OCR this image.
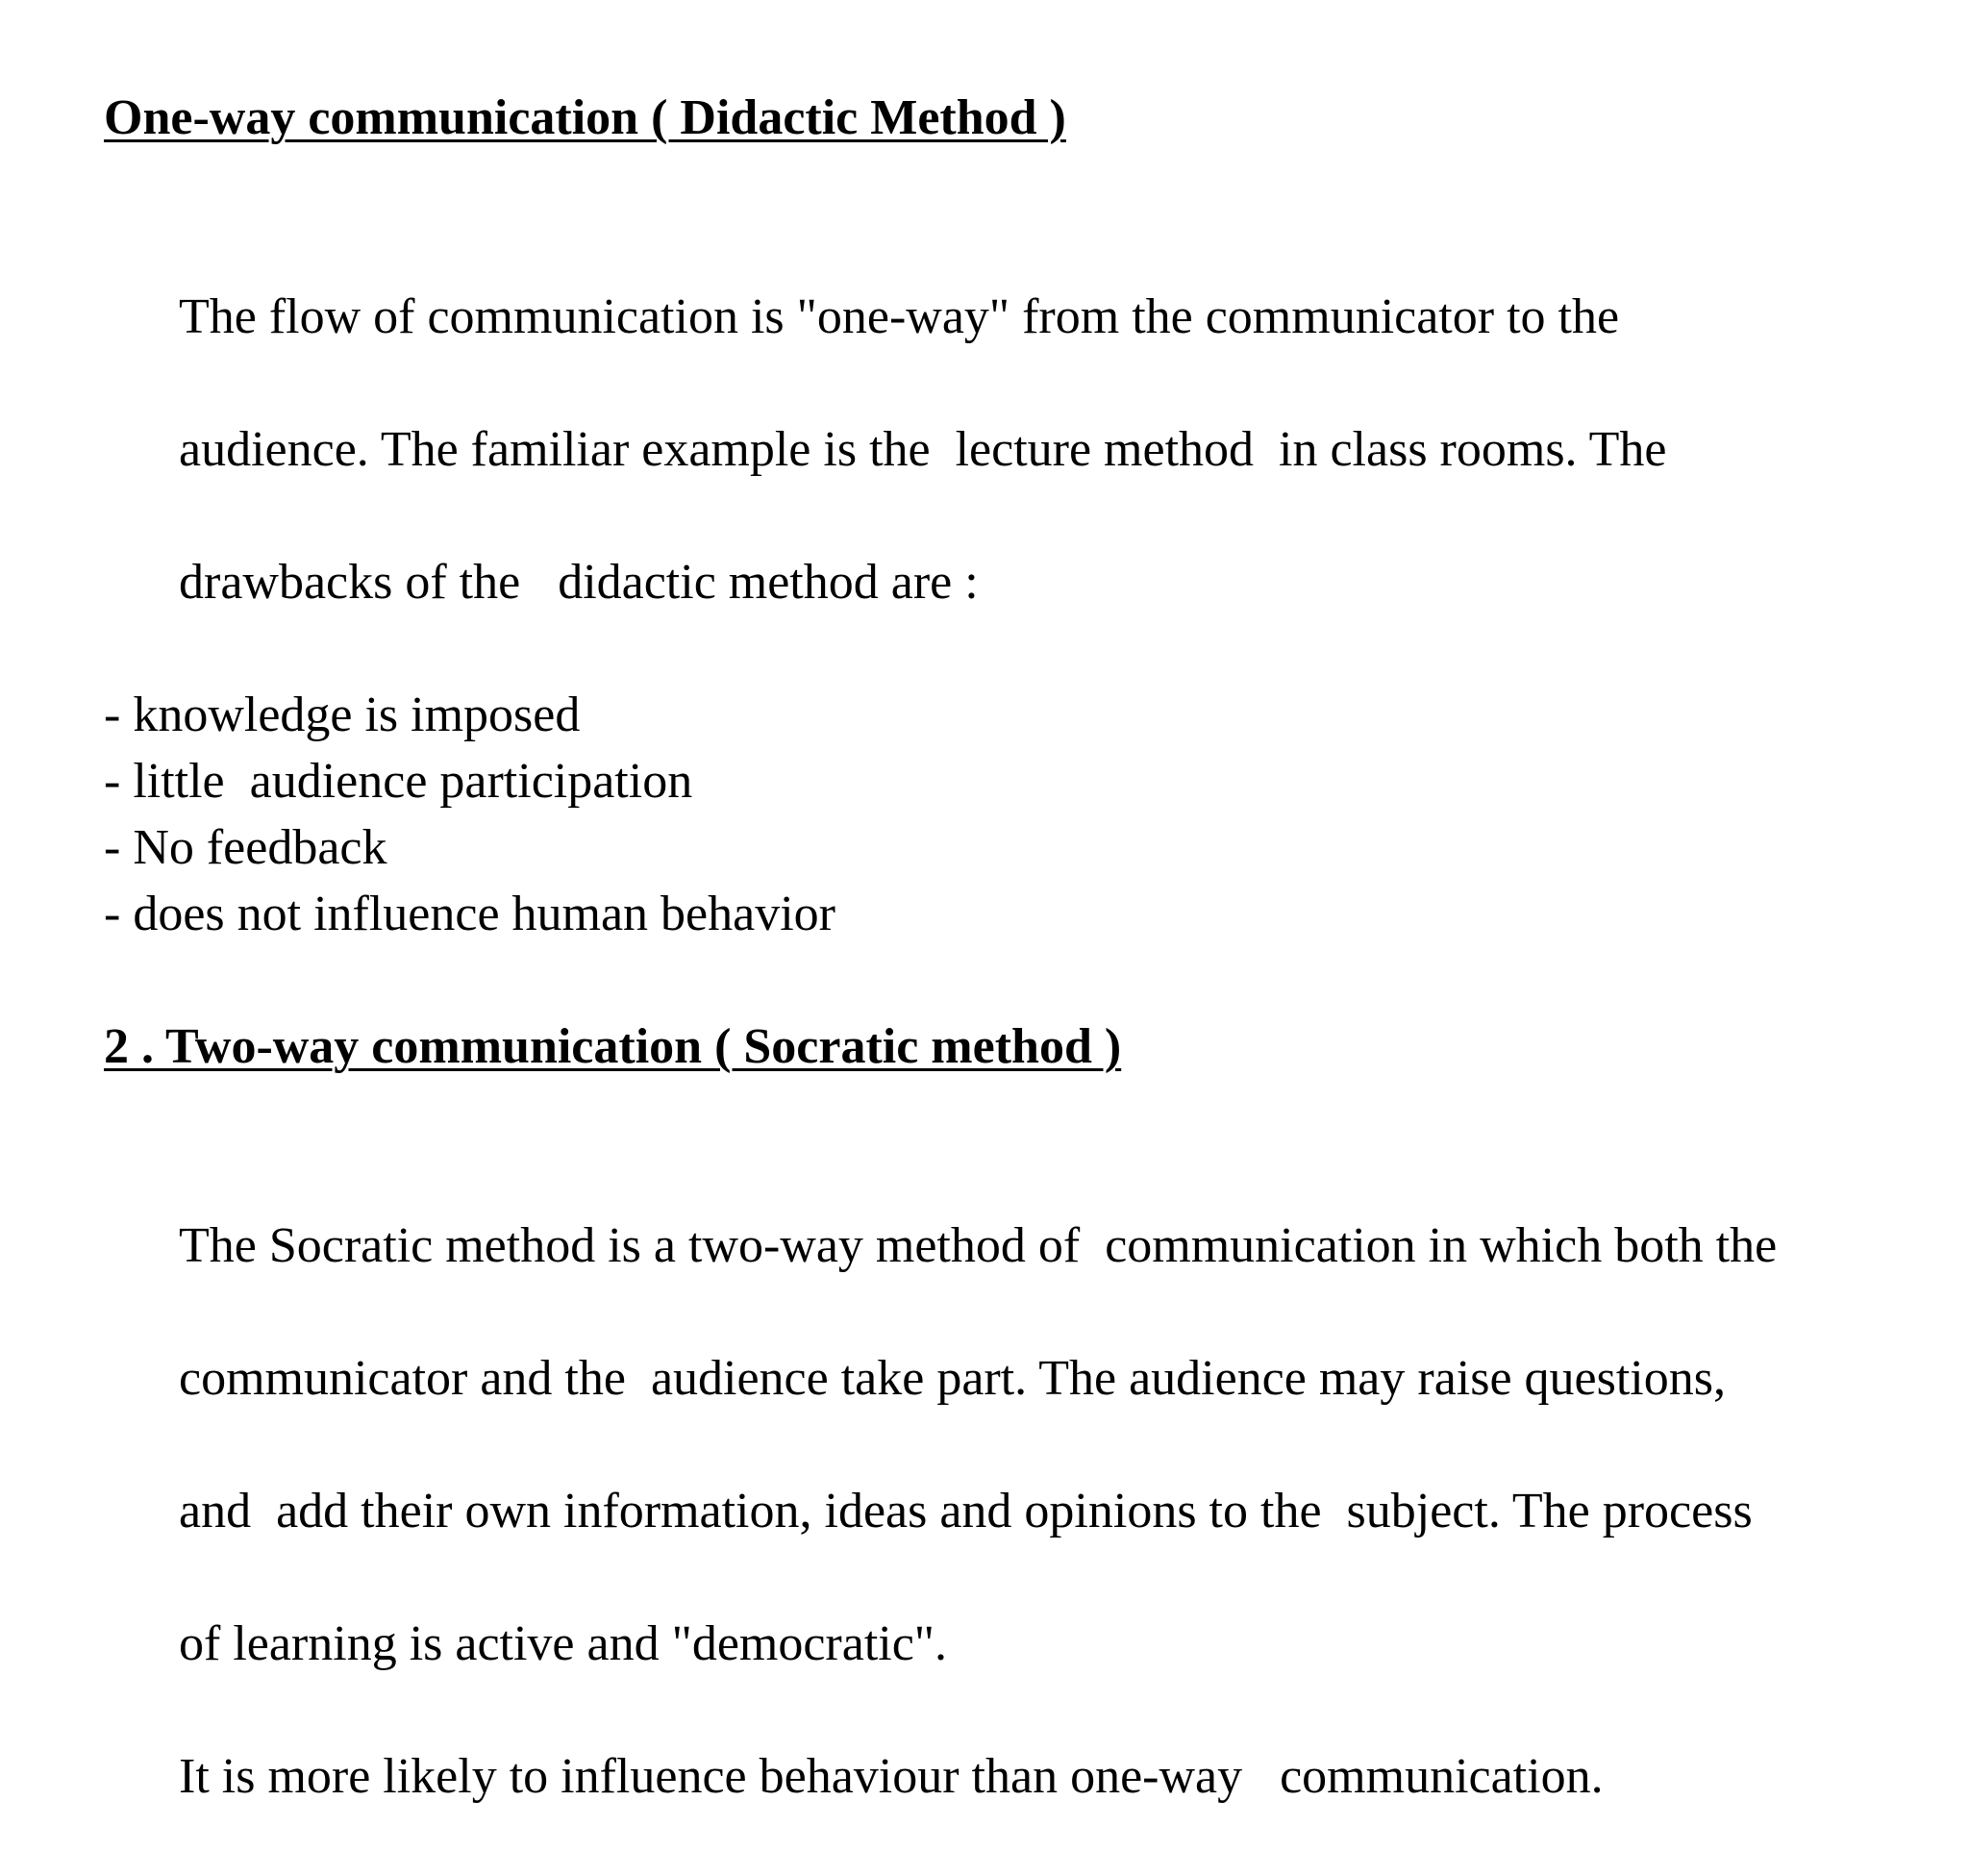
One-way communication ( Didactic Method )

The flow of communication is "one-way" from the communicator to the

audience. The familiar example is the  lecture method  in class rooms. The

drawbacks of the   didactic method are :

- knowledge is imposed
- little  audience participation
- No feedback
- does not influence human behavior
2 . Two-way communication ( Socratic method )

The Socratic method is a two-way method of  communication in which both the

communicator and the  audience take part. The audience may raise questions,

and  add their own information, ideas and opinions to the  subject. The process

of learning is active and "democratic".

It is more likely to influence behaviour than one-way   communication.
